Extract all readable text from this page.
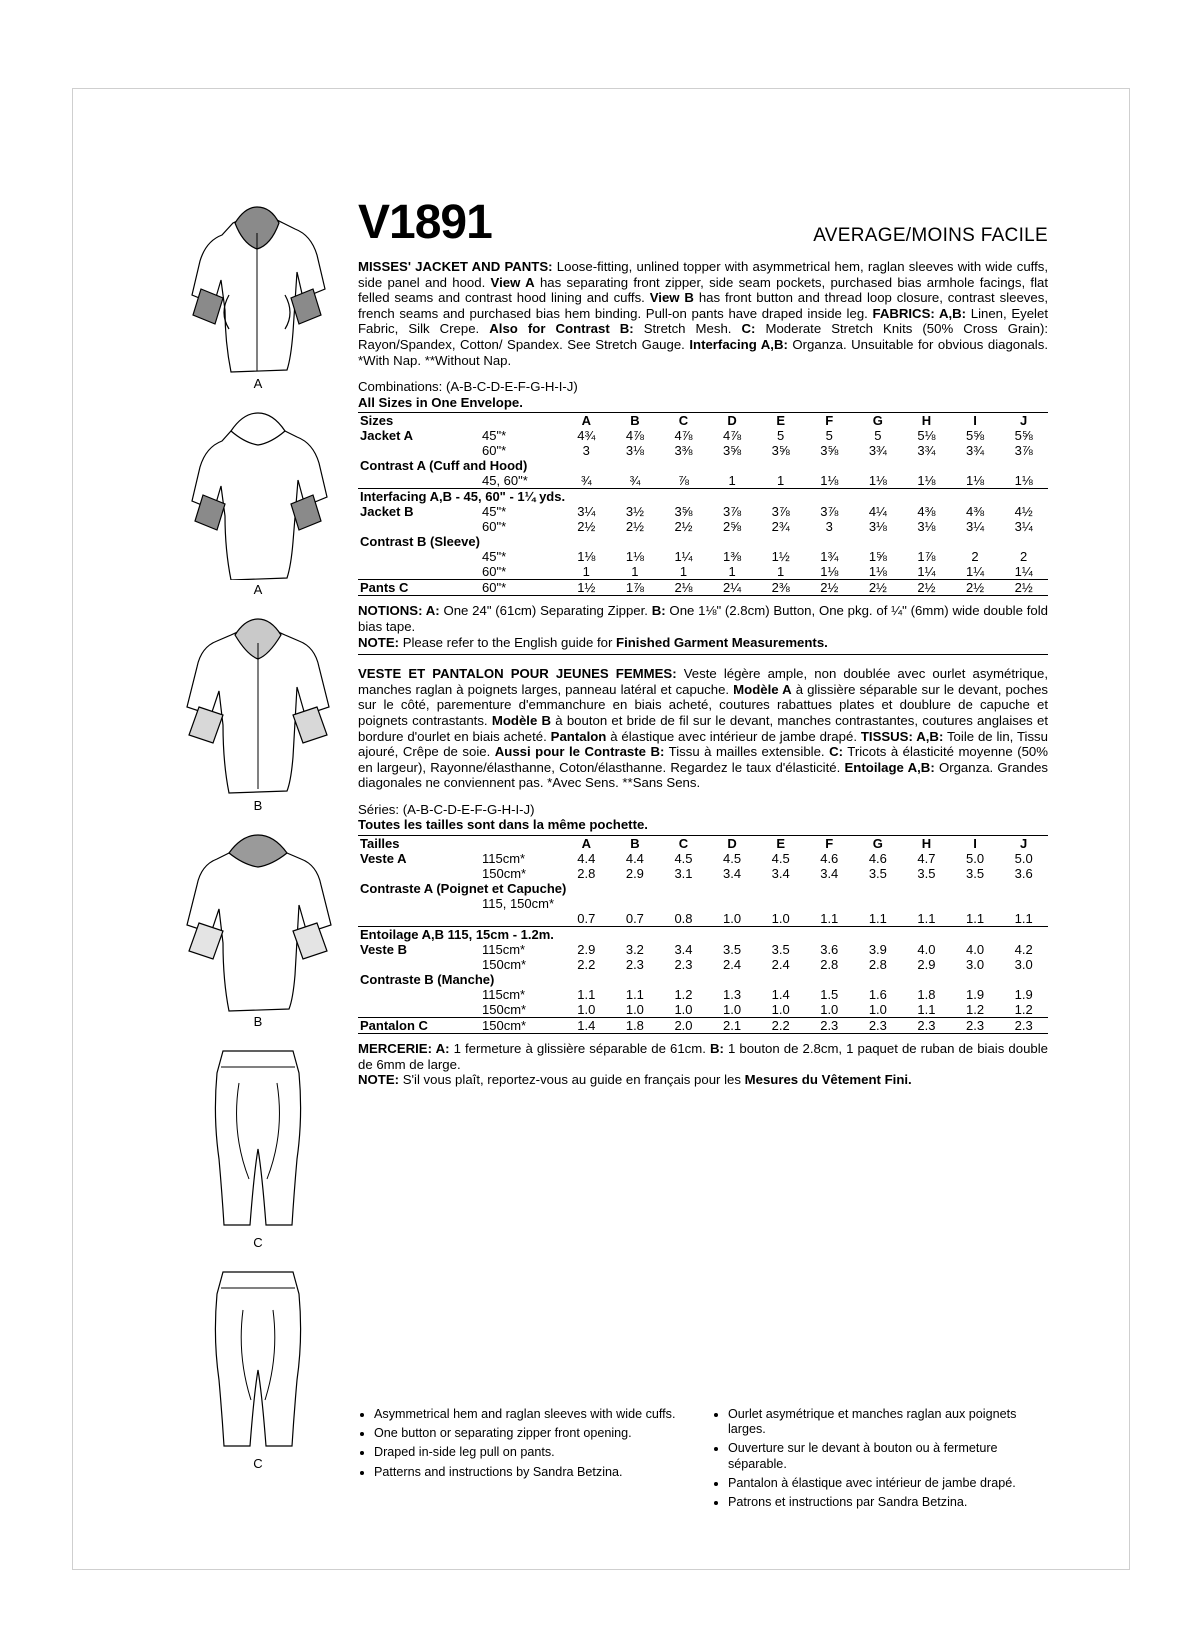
A
A
B
B
C
C
V1891	AVERAGE/MOINS FACILE
MISSES' JACKET AND PANTS: Loose-fitting, unlined topper with asymmetrical hem, raglan sleeves with wide cuffs, side panel and hood. View A has separating front zipper, side seam pockets, purchased bias armhole facings, flat felled seams and contrast hood lining and cuffs. View B has front button and thread loop closure, contrast sleeves, french seams and purchased bias hem binding. Pull-on pants have draped inside leg. FABRICS: A,B: Linen, Eyelet Fabric, Silk Crepe. Also for Contrast B: Stretch Mesh. C: Moderate Stretch Knits (50% Cross Grain): Rayon/Spandex, Cotton/ Spandex. See Stretch Gauge. Interfacing A,B: Organza. Unsuitable for obvious diagonals. *With Nap. **Without Nap.
Combinations: (A-B-C-D-E-F-G-H-I-J)
All Sizes in One Envelope.
Sizes		A	B	C	D	E	F	G	H	I	J
Jacket A	45"*	4¾	4⅞	4⅞	4⅞	5	5	5	5⅛	5⅝	5⅝
	60"*	3	3⅛	3⅜	3⅝	3⅝	3⅝	3¾	3¾	3¾	3⅞
Contrast A (Cuff and Hood)											
	45, 60"*	¾	¾	⅞	1	1	1⅛	1⅛	1⅛	1⅛	1⅛
Interfacing A,B - 45, 60" - 1¼ yds.											
Jacket B	45"*	3¼	3½	3⅝	3⅞	3⅞	3⅞	4¼	4⅜	4⅜	4½
	60"*	2½	2½	2½	2⅝	2¾	3	3⅛	3⅛	3¼	3¼
Contrast B (Sleeve)											
	45"*	1⅛	1⅛	1¼	1⅜	1½	1¾	1⅝	1⅞	2	2
	60"*	1	1	1	1	1	1⅛	1⅛	1¼	1¼	1¼
Pants C	60"*	1½	1⅞	2⅛	2¼	2⅜	2½	2½	2½	2½	2½
NOTIONS: A: One 24" (61cm) Separating Zipper. B: One 1⅛" (2.8cm) Button, One pkg. of ¼" (6mm) wide double fold bias tape.
NOTE: Please refer to the English guide for Finished Garment Measurements.
VESTE ET PANTALON POUR JEUNES FEMMES: Veste légère ample, non doublée avec ourlet asymétrique, manches raglan à poignets larges, panneau latéral et capuche. Modèle A à glissière séparable sur le devant, poches sur le côté, parementure d'emmanchure en biais acheté, coutures rabattues plates et doublure de capuche et poignets contrastants. Modèle B à bouton et bride de fil sur le devant, manches contrastantes, coutures anglaises et bordure d'ourlet en biais acheté. Pantalon à élastique avec intérieur de jambe drapé. TISSUS: A,B: Toile de lin, Tissu ajouré, Crêpe de soie. Aussi pour le Contraste B: Tissu à mailles extensible. C: Tricots à élasticité moyenne (50% en largeur), Rayonne/élasthanne, Coton/élasthanne. Regardez le taux d'élasticité. Entoilage A,B: Organza. Grandes diagonales ne conviennent pas. *Avec Sens. **Sans Sens.
Séries: (A-B-C-D-E-F-G-H-I-J)
Toutes les tailles sont dans la même pochette.
Tailles		A	B	C	D	E	F	G	H	I	J
Veste A	115cm*	4.4	4.4	4.5	4.5	4.5	4.6	4.6	4.7	5.0	5.0
	150cm*	2.8	2.9	3.1	3.4	3.4	3.4	3.5	3.5	3.5	3.6
Contraste A (Poignet et Capuche)											
	115, 150cm*										
		0.7	0.7	0.8	1.0	1.0	1.1	1.1	1.1	1.1	1.1
Entoilage A,B 115, 15cm - 1.2m.											
Veste B	115cm*	2.9	3.2	3.4	3.5	3.5	3.6	3.9	4.0	4.0	4.2
	150cm*	2.2	2.3	2.3	2.4	2.4	2.8	2.8	2.9	3.0	3.0
Contraste B (Manche)											
	115cm*	1.1	1.1	1.2	1.3	1.4	1.5	1.6	1.8	1.9	1.9
	150cm*	1.0	1.0	1.0	1.0	1.0	1.0	1.0	1.1	1.2	1.2
Pantalon C	150cm*	1.4	1.8	2.0	2.1	2.2	2.3	2.3	2.3	2.3	2.3
MERCERIE: A: 1 fermeture à glissière séparable de 61cm. B: 1 bouton de 2.8cm, 1 paquet de ruban de biais double de 6mm de large.
NOTE: S'il vous plaît, reportez-vous au guide en français pour les Mesures du Vêtement Fini.
• Asymmetrical hem and raglan sleeves with wide cuffs.
• One button or separating zipper front opening.
• Draped in-side leg pull on pants.
• Patterns and instructions by Sandra Betzina.
• Ourlet asymétrique et manches raglan aux poignets larges.
• Ouverture sur le devant à bouton ou à fermeture séparable.
• Pantalon à élastique avec intérieur de jambe drapé.
• Patrons et instructions par Sandra Betzina.
